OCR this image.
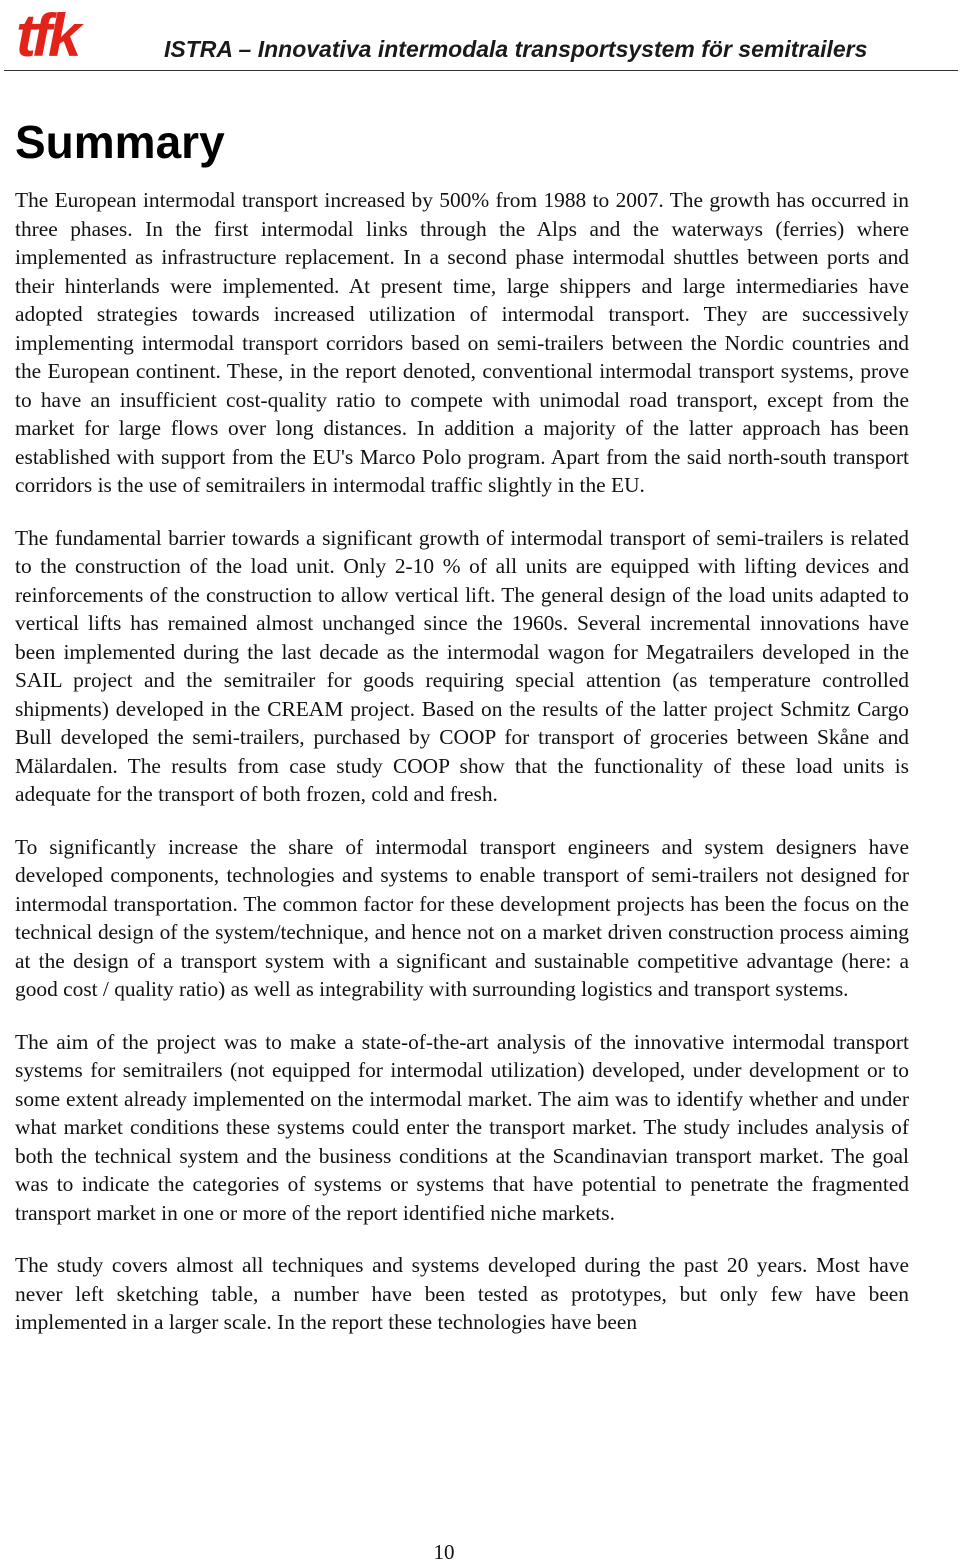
tfk	ISTRA – Innovativa intermodala transportsystem för semitrailers
Summary

The European intermodal transport increased by 500% from 1988 to 2007. The growth has occurred in three phases. In the first intermodal links through the Alps and the waterways (ferries) where implemented as infrastructure replacement. In a second phase intermodal shuttles between ports and their hinterlands were implemented. At present time, large shippers and large intermediaries have adopted strategies towards increased utilization of intermodal transport. They are successively implementing intermodal transport corridors based on semi-trailers between the Nordic countries and the European continent. These, in the report denoted, conventional intermodal transport systems, prove to have an insufficient cost-quality ratio to compete with unimodal road transport, except from the market for large flows over long distances. In addition a majority of the latter approach has been established with support from the EU's Marco Polo program. Apart from the said north-south transport corridors is the use of semitrailers in intermodal traffic slightly in the EU.

The fundamental barrier towards a significant growth of intermodal transport of semi-trailers is related to the construction of the load unit. Only 2-10 % of all units are equipped with lifting devices and reinforcements of the construction to allow vertical lift. The general design of the load units adapted to vertical lifts has remained almost unchanged since the 1960s. Several incremental innovations have been implemented during the last decade as the intermodal wagon for Megatrailers developed in the SAIL project and the semitrailer for goods requiring special attention (as temperature controlled shipments) developed in the CREAM project. Based on the results of the latter project Schmitz Cargo Bull developed the semi-trailers, purchased by COOP for transport of groceries between Skåne and Mälardalen. The results from case study COOP show that the functionality of these load units is adequate for the transport of both frozen, cold and fresh.

To significantly increase the share of intermodal transport engineers and system designers have developed components, technologies and systems to enable transport of semi-trailers not designed for intermodal transportation. The common factor for these development projects has been the focus on the technical design of the system/technique, and hence not on a market driven construction process aiming at the design of a transport system with a significant and sustainable competitive advantage (here: a good cost / quality ratio) as well as integrability with surrounding logistics and transport systems.

The aim of the project was to make a state-of-the-art analysis of the innovative intermodal transport systems for semitrailers (not equipped for intermodal utilization) developed, under development or to some extent already implemented on the intermodal market. The aim was to identify whether and under what market conditions these systems could enter the transport market. The study includes analysis of both the technical system and the business conditions at the Scandinavian transport market. The goal was to indicate the categories of systems or systems that have potential to penetrate the fragmented transport market in one or more of the report identified niche markets.

The study covers almost all techniques and systems developed during the past 20 years. Most have never left sketching table, a number have been tested as prototypes, but only few have been implemented in a larger scale. In the report these technologies have been

10
